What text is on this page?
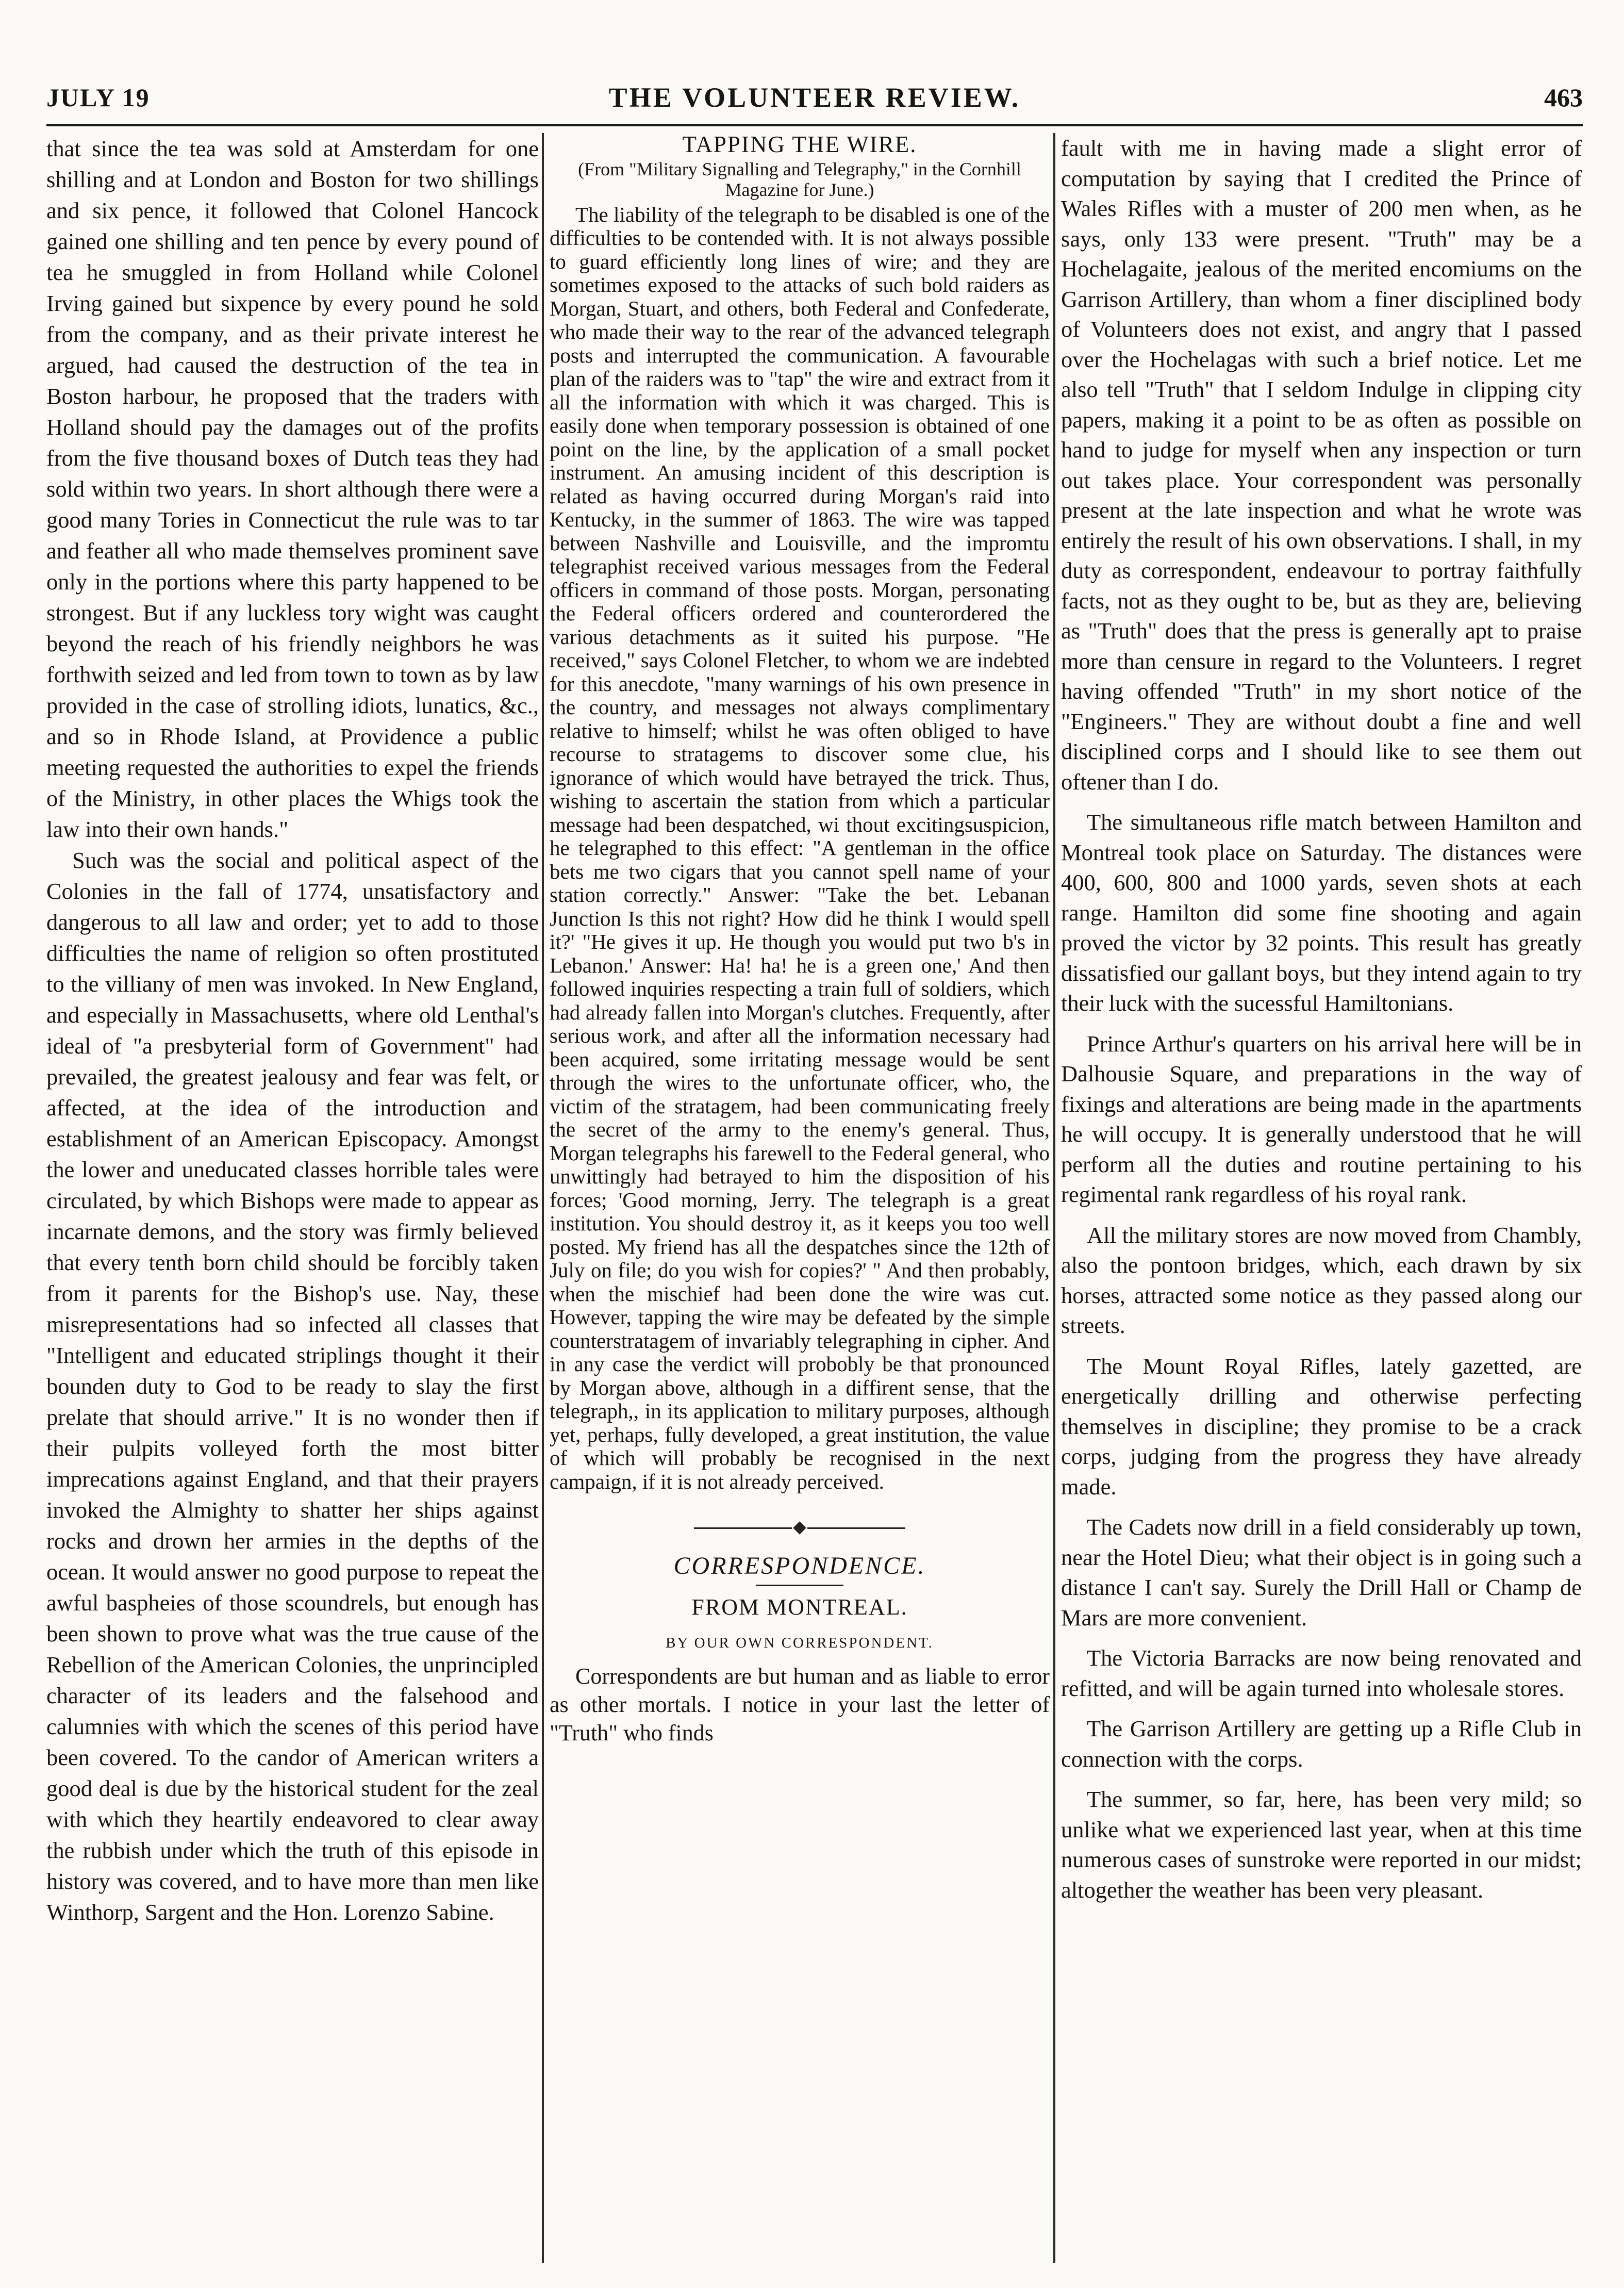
JULY 19	THE VOLUNTEER REVIEW.	463

that since the tea was sold at Amsterdam for one shilling and at London and Boston for two shillings and six pence, it followed that Colonel Hancock gained one shilling and ten pence by every pound of tea he smuggled in from Holland while Colonel Irving gained but sixpence by every pound he sold from the company, and as their private interest he argued, had caused the destruction of the tea in Boston harbour, he proposed that the traders with Holland should pay the damages out of the profits from the five thousand boxes of Dutch teas they had sold within two years. In short although there were a good many Tories in Connecticut the rule was to tar and feather all who made themselves prominent save only in the portions where this party happened to be strongest. But if any luckless tory wight was caught beyond the reach of his friendly neighbors he was forthwith seized and led from town to town as by law provided in the case of strolling idiots, lunatics, &c., and so in Rhode Island, at Providence a public meeting requested the authorities to expel the friends of the Ministry, in other places the Whigs took the law into their own hands."

Such was the social and political aspect of the Colonies in the fall of 1774, unsatisfactory and dangerous to all law and order; yet to add to those difficulties the name of religion so often prostituted to the villiany of men was invoked. In New England, and especially in Massachusetts, where old Lenthal's ideal of "a presbyterial form of Government" had prevailed, the greatest jealousy and fear was felt, or affected, at the idea of the introduction and establishment of an American Episcopacy. Amongst the lower and uneducated classes horrible tales were circulated, by which Bishops were made to appear as incarnate demons, and the story was firmly believed that every tenth born child should be forcibly taken from it parents for the Bishop's use. Nay, these misrepresentations had so infected all classes that "Intelligent and educated striplings thought it their bounden duty to God to be ready to slay the first prelate that should arrive." It is no wonder then if their pulpits volleyed forth the most bitter imprecations against England, and that their prayers invoked the Almighty to shatter her ships against rocks and drown her armies in the depths of the ocean. It would answer no good purpose to repeat the awful baspheies of those scoundrels, but enough has been shown to prove what was the true cause of the Rebellion of the American Colonies, the unprincipled character of its leaders and the falsehood and calumnies with which the scenes of this period have been covered. To the candor of American writers a good deal is due by the historical student for the zeal with which they heartily endeavored to clear away the rubbish under which the truth of this episode in history was covered, and to have more than men like Winthorp, Sargent and the Hon. Lorenzo Sabine.

TAPPING THE WIRE.
(From "Military Signalling and Telegraphy," in the Cornhill Magazine for June.)

The liability of the telegraph to be disabled is one of the difficulties to be contended with. It is not always possible to guard efficiently long lines of wire; and they are sometimes exposed to the attacks of such bold raiders as Morgan, Stuart, and others, both Federal and Confederate, who made their way to the rear of the advanced telegraph posts and interrupted the communication. A favourable plan of the raiders was to "tap" the wire and extract from it all the information with which it was charged. This is easily done when temporary possession is obtained of one point on the line, by the application of a small pocket instrument. An amusing incident of this description is related as having occurred during Morgan's raid into Kentucky, in the summer of 1863. The wire was tapped between Nashville and Louisville, and the impromtu telegraphist received various messages from the Federal officers in command of those posts. Morgan, personating the Federal officers ordered and counterordered the various detachments as it suited his purpose. "He received," says Colonel Fletcher, to whom we are indebted for this anecdote, "many warnings of his own presence in the country, and messages not always complimentary relative to himself; whilst he was often obliged to have recourse to stratagems to discover some clue, his ignorance of which would have betrayed the trick. Thus, wishing to ascertain the station from which a particular message had been despatched, wi thout excitingsuspicion, he telegraphed to this effect: "A gentleman in the office bets me two cigars that you cannot spell name of your station correctly." Answer: "Take the bet. Lebanan Junction Is this not right? How did he think I would spell it?' "He gives it up. He though you would put two b's in Lebanon.' Answer: Ha! ha! he is a green one,' And then followed inquiries respecting a train full of soldiers, which had already fallen into Morgan's clutches. Frequently, after serious work, and after all the information necessary had been acquired, some irritating message would be sent through the wires to the unfortunate officer, who, the victim of the stratagem, had been communicating freely the secret of the army to the enemy's general. Thus, Morgan telegraphs his farewell to the Federal general, who unwittingly had betrayed to him the disposition of his forces; 'Good morning, Jerry. The telegraph is a great institution. You should destroy it, as it keeps you too well posted. My friend has all the despatches since the 12th of July on file; do you wish for copies?' " And then probably, when the mischief had been done the wire was cut. However, tapping the wire may be defeated by the simple counterstratagem of invariably telegraphing in cipher. And in any case the verdict will probobly be that pronounced by Morgan above, although in a diffirent sense, that the telegraph,, in its application to military purposes, although yet, perhaps, fully developed, a great institution, the value of which will probably be recognised in the next campaign, if it is not already perceived.

CORRESPONDENCE.
FROM MONTREAL.
BY OUR OWN CORRESPONDENT.

Correspondents are but human and as liable to error as other mortals. I notice in your last the letter of "Truth" who finds

fault with me in having made a slight error of computation by saying that I credited the Prince of Wales Rifles with a muster of 200 men when, as he says, only 133 were present. "Truth" may be a Hochelagaite, jealous of the merited encomiums on the Garrison Artillery, than whom a finer disciplined body of Volunteers does not exist, and angry that I passed over the Hochelagas with such a brief notice. Let me also tell "Truth" that I seldom Indulge in clipping city papers, making it a point to be as often as possible on hand to judge for myself when any inspection or turn out takes place. Your correspondent was personally present at the late inspection and what he wrote was entirely the result of his own observations. I shall, in my duty as correspondent, endeavour to portray faithfully facts, not as they ought to be, but as they are, believing as "Truth" does that the press is generally apt to praise more than censure in regard to the Volunteers. I regret having offended "Truth" in my short notice of the "Engineers." They are without doubt a fine and well disciplined corps and I should like to see them out oftener than I do.

The simultaneous rifle match between Hamilton and Montreal took place on Saturday. The distances were 400, 600, 800 and 1000 yards, seven shots at each range. Hamilton did some fine shooting and again proved the victor by 32 points. This result has greatly dissatisfied our gallant boys, but they intend again to try their luck with the sucessful Hamiltonians.

Prince Arthur's quarters on his arrival here will be in Dalhousie Square, and preparations in the way of fixings and alterations are being made in the apartments he will occupy. It is generally understood that he will perform all the duties and routine pertaining to his regimental rank regardless of his royal rank.

All the military stores are now moved from Chambly, also the pontoon bridges, which, each drawn by six horses, attracted some notice as they passed along our streets.

The Mount Royal Rifles, lately gazetted, are energetically drilling and otherwise perfecting themselves in discipline; they promise to be a crack corps, judging from the progress they have already made.

The Cadets now drill in a field considerably up town, near the Hotel Dieu; what their object is in going such a distance I can't say. Surely the Drill Hall or Champ de Mars are more convenient.

The Victoria Barracks are now being renovated and refitted, and will be again turned into wholesale stores.

The Garrison Artillery are getting up a Rifle Club in connection with the corps.

The summer, so far, here, has been very mild; so unlike what we experienced last year, when at this time numerous cases of sunstroke were reported in our midst; altogether the weather has been very pleasant.
